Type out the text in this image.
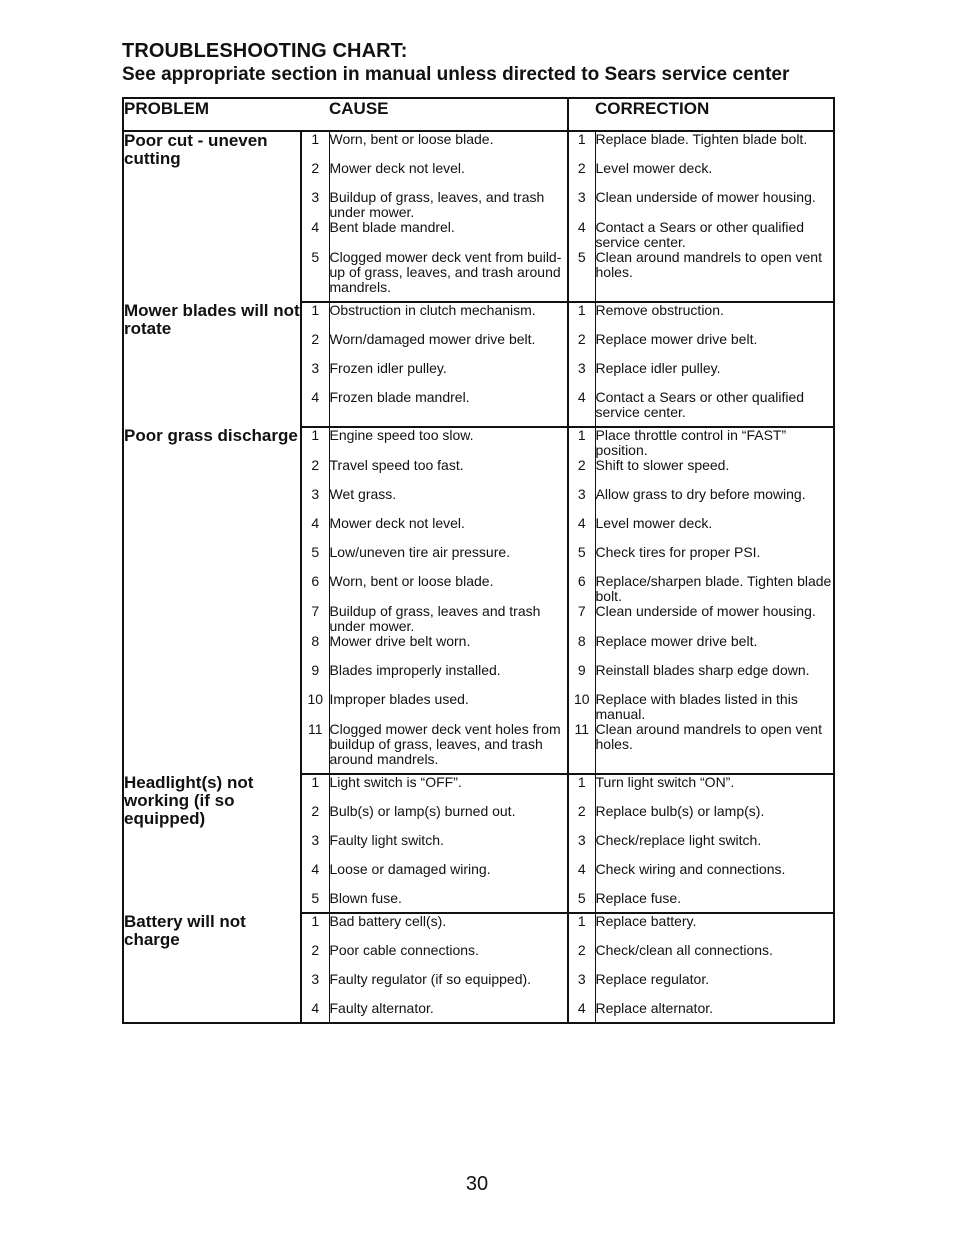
TROUBLESHOOTING CHART:
See appropriate section in manual unless directed to Sears service center
PROBLEM		CAUSE		CORRECTION
Poor cut - uneven cutting	1	Worn, bent or loose blade.	1	Replace blade. Tighten blade bolt.
	2	Mower deck not level.	2	Level mower deck.
	3	Buildup of grass, leaves, and trash under mower.	3	Clean underside of mower housing.
	4	Bent blade mandrel.	4	Contact a Sears or other qualified service center.
	5	Clogged mower deck vent from build-up of grass, leaves, and trash around mandrels.	5	Clean around mandrels to open vent holes.
Mower blades will not rotate	1	Obstruction in clutch mechanism.	1	Remove obstruction.
	2	Worn/damaged mower drive belt.	2	Replace mower drive belt.
	3	Frozen idler pulley.	3	Replace idler pulley.
	4	Frozen blade mandrel.	4	Contact a Sears or other qualified service center.
Poor grass discharge	1	Engine speed too slow.	1	Place throttle control in “FAST” position.
	2	Travel speed too fast.	2	Shift to slower speed.
	3	Wet grass.	3	Allow grass to dry before mowing.
	4	Mower deck not level.	4	Level mower deck.
	5	Low/uneven tire air pressure.	5	Check tires for proper PSI.
	6	Worn, bent or loose blade.	6	Replace/sharpen blade. Tighten blade bolt.
	7	Buildup of grass, leaves and trash under mower.	7	Clean underside of mower housing.
	8	Mower drive belt worn.	8	Replace mower drive belt.
	9	Blades improperly installed.	9	Reinstall blades sharp edge down.
	10	Improper blades used.	10	Replace with blades listed in this manual.
	11	Clogged mower deck vent holes from buildup of grass, leaves, and trash around mandrels.	11	Clean around mandrels to open vent holes.
Headlight(s) not working (if so equipped)	1	Light switch is “OFF”.	1	Turn light switch “ON”.
	2	Bulb(s) or lamp(s) burned out.	2	Replace bulb(s) or lamp(s).
	3	Faulty light switch.	3	Check/replace light switch.
	4	Loose or damaged wiring.	4	Check wiring and connections.
	5	Blown fuse.	5	Replace fuse.
Battery will not charge	1	Bad battery cell(s).	1	Replace battery.
	2	Poor cable connections.	2	Check/clean all connections.
	3	Faulty regulator (if so equipped).	3	Replace regulator.
	4	Faulty alternator.	4	Replace alternator.
30
